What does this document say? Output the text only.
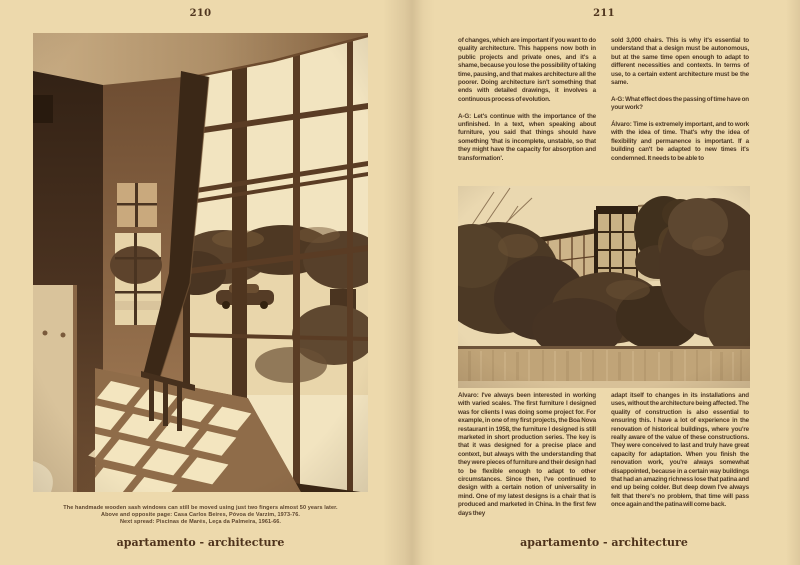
210
The handmade wooden sash windows can still be moved using just two fingers almost 50 years later.
Above and opposite page: Casa Carlos Beires, Póvoa de Varzim, 1973-76.
Next spread: Piscinas de Marés, Leça da Palmeira, 1961-66.
apartamento - architecture
211

of changes, which are important if you want to do quality architecture. This happens now both in public projects and private ones, and it's a shame, because you lose the possibility of taking time, pausing, and that makes architecture all the poorer. Doing architecture isn't something that ends with detailed drawings, it involves a continuous process of evolution.

A-G: Let's continue with the importance of the unfinished. In a text, when speaking about furniture, you said that things should have something 'that is incomplete, unstable, so that they might have the capacity for absorption and transformation'.

sold 3,000 chairs. This is why it's essential to understand that a design must be autonomous, but at the same time open enough to adapt to different necessities and contexts. In terms of use, to a certain extent architecture must be the same.

A-G: What effect does the passing of time have on your work?

Álvaro: Time is extremely important, and to work with the idea of time. That's why the idea of flexibility and permanence is important. If a building can't be adapted to new times it's condemned. It needs to be able to

Álvaro: I've always been interested in working with varied scales. The first furniture I designed was for clients I was doing some project for. For example, in one of my first projects, the Boa Nova restaurant in 1958, the furniture I designed is still marketed in short production series. The key is that it was designed for a precise place and context, but always with the understanding that they were pieces of furniture and their design had to be flexible enough to adapt to other circumstances. Since then, I've continued to design with a certain notion of universality in mind. One of my latest designs is a chair that is produced and marketed in China. In the first few days they

adapt itself to changes in its installations and uses, without the architecture being affected. The quality of construction is also essential to ensuring this. I have a lot of experience in the renovation of historical buildings, where you're really aware of the value of these constructions. They were conceived to last and truly have great capacity for adaptation. When you finish the renovation work, you're always somewhat disappointed, because in a certain way buildings that had an amazing richness lose that patina and end up being colder. But deep down I've always felt that there's no problem, that time will pass once again and the patina will come back.

apartamento - architecture
